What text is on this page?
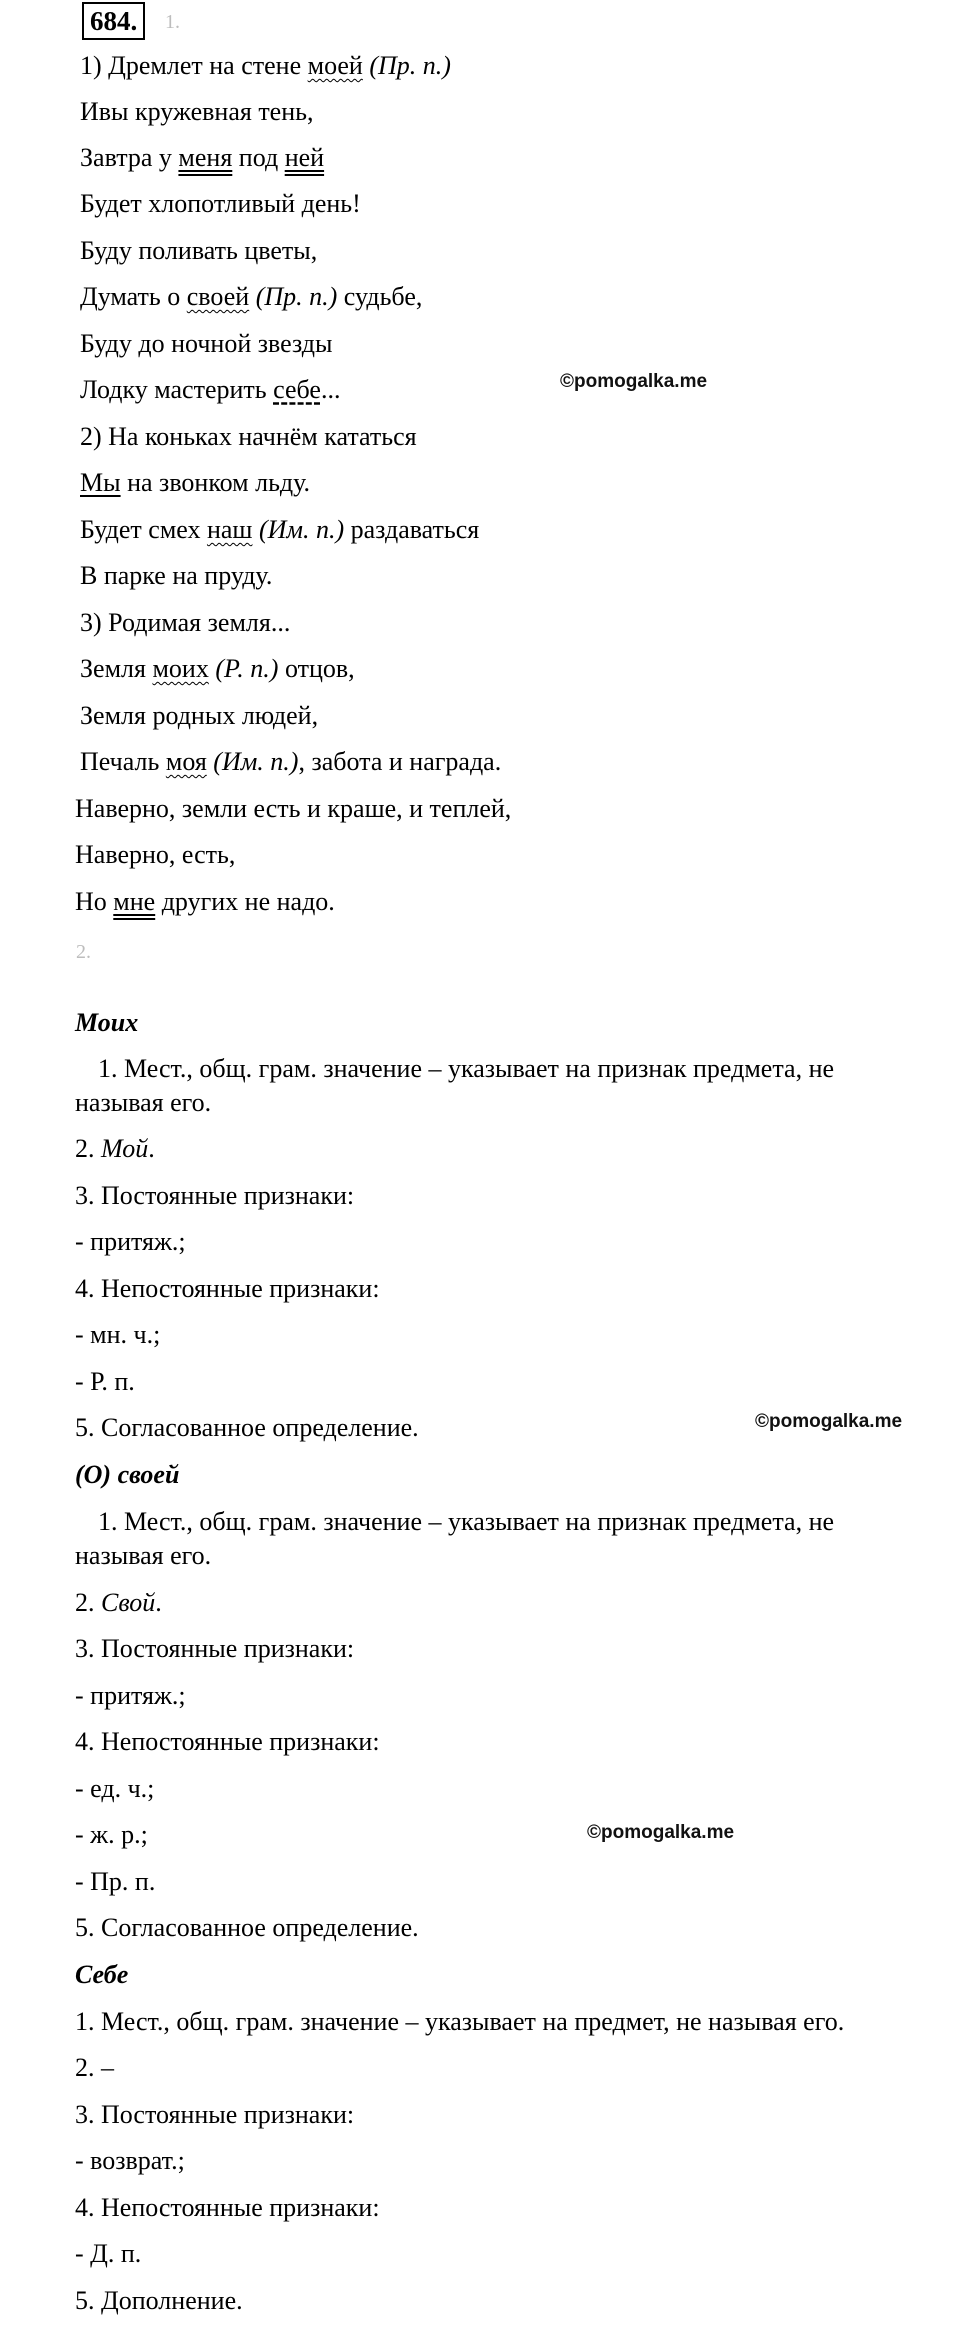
684.	1.
1) Дремлет на стене моей (Пр. п.)
Ивы кружевная тень,
Завтра у меня под ней
Будет хлопотливый день!
Буду поливать цветы,
Думать о своей (Пр. п.) судьбе,
Буду до ночной звезды
Лодку мастерить себе...	©pomogalka.me
2) На коньках начнём кататься
Мы на звонком льду.
Будет смех наш (Им. п.) раздаваться
В парке на пруду.
3) Родимая земля...
Земля моих (Р. п.) отцов,
Земля родных людей,
Печаль моя (Им. п.), забота и награда.
Наверно, земли есть и краше, и теплей,
Наверно, есть,
Но мне других не надо.
2.
Моих
1. Мест., общ. грам. значение – указывает на признак предмета, не
называя его.
2. Мой.
3. Постоянные признаки:
- притяж.;
4. Непостоянные признаки:
- мн. ч.;
- Р. п.
5. Согласованное определение.	©pomogalka.me
(О) своей
1. Мест., общ. грам. значение – указывает на признак предмета, не
называя его.
2. Свой.
3. Постоянные признаки:
- притяж.;
4. Непостоянные признаки:
- ед. ч.;
- ж. р.;	©pomogalka.me
- Пр. п.
5. Согласованное определение.
Себе
1. Мест., общ. грам. значение – указывает на предмет, не называя его.
2. –
3. Постоянные признаки:
- возврат.;
4. Непостоянные признаки:
- Д. п.
5. Дополнение.
